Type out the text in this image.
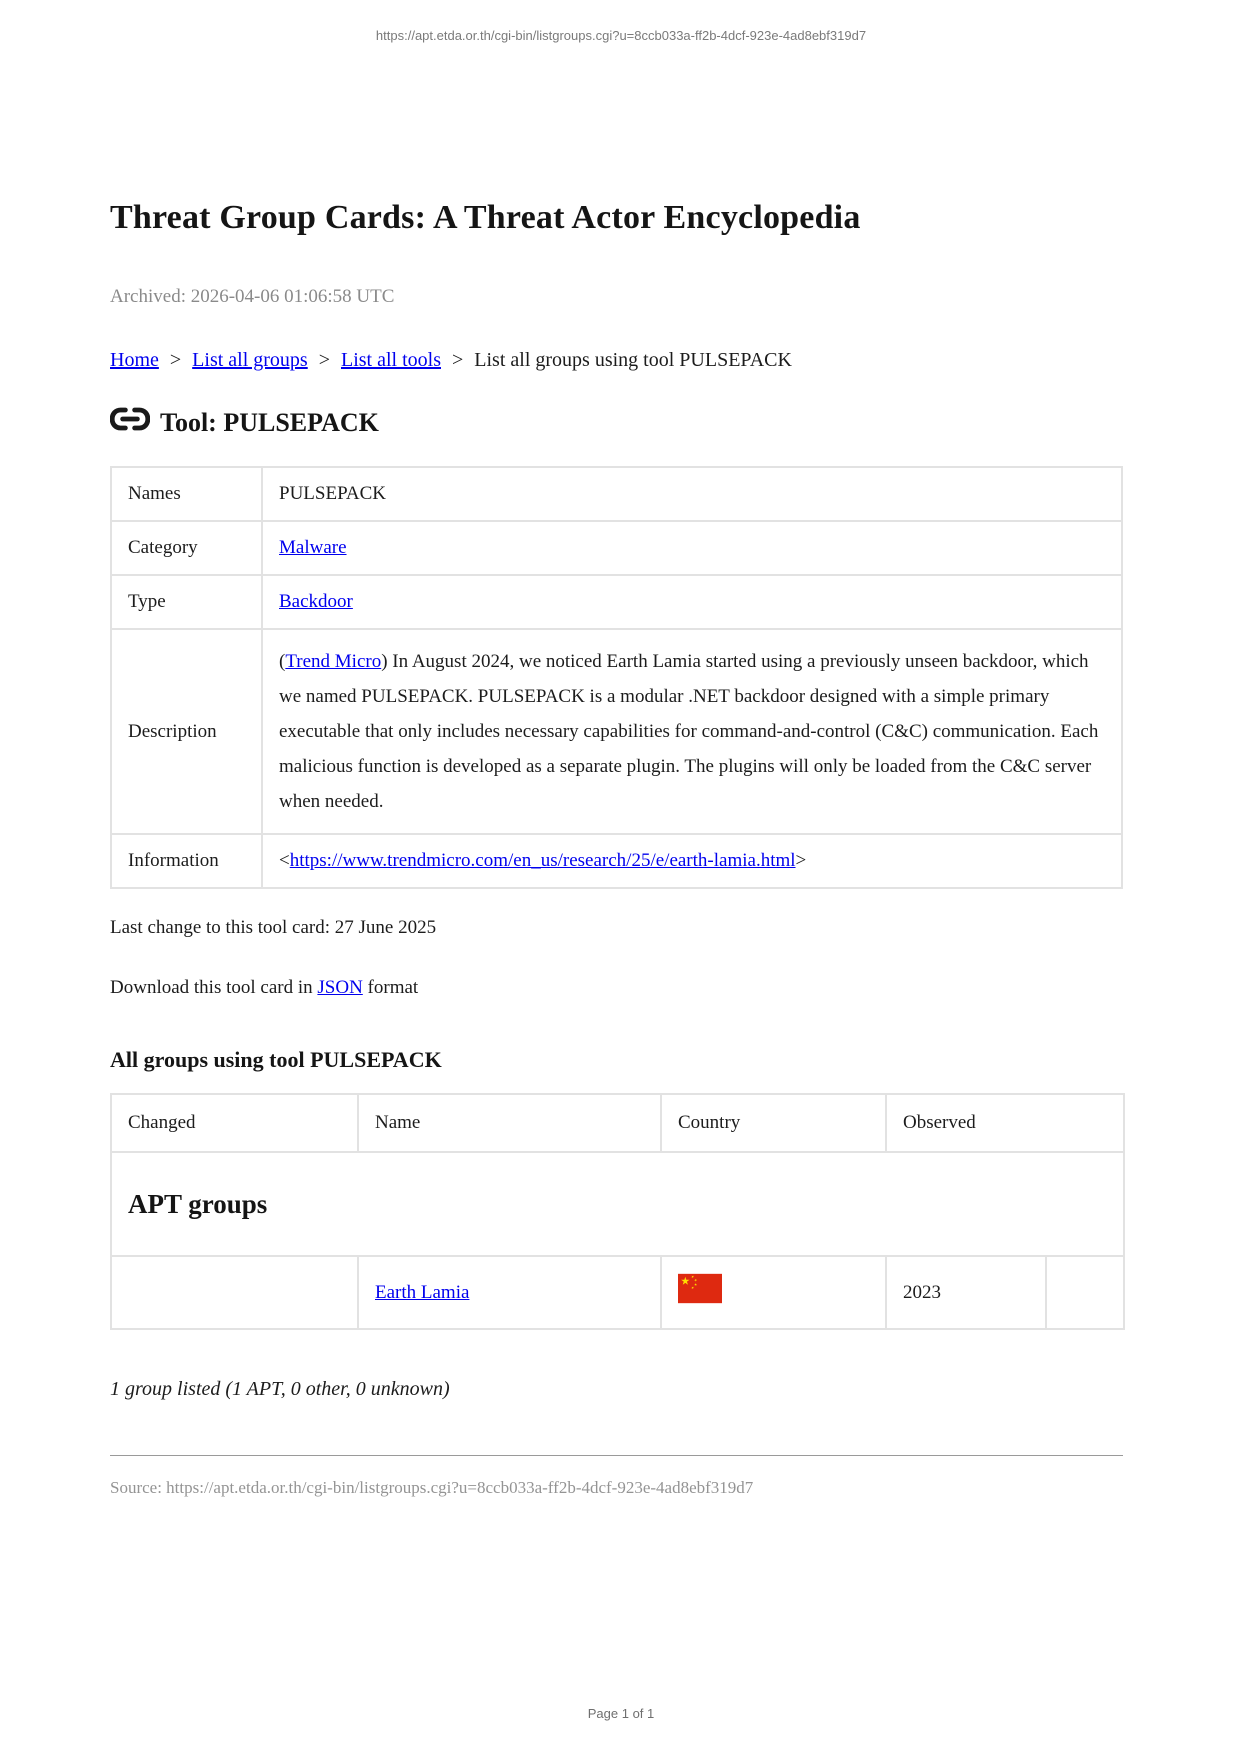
https://apt.etda.or.th/cgi-bin/listgroups.cgi?u=8ccb033a-ff2b-4dcf-923e-4ad8ebf319d7
Threat Group Cards: A Threat Actor Encyclopedia

Archived: 2026-04-06 01:06:58 UTC

Home > List all groups > List all tools > List all groups using tool PULSEPACK

Tool: PULSEPACK
Names	PULSEPACK
Category	Malware
Type	Backdoor
Description	(Trend Micro) In August 2024, we noticed Earth Lamia started using a previously unseen backdoor, which we named PULSEPACK. PULSEPACK is a modular .NET backdoor designed with a simple primary executable that only includes necessary capabilities for command-and-control (C&C) communication. Each malicious function is developed as a separate plugin. The plugins will only be loaded from the C&C server when needed.
Information	<https://www.trendmicro.com/en_us/research/25/e/earth-lamia.html>

Last change to this tool card: 27 June 2025

Download this tool card in JSON format

All groups using tool PULSEPACK
Changed	Name	Country	Observed	
APT groups				
	Earth Lamia		2023	

1 group listed (1 APT, 0 other, 0 unknown)

Source: https://apt.etda.or.th/cgi-bin/listgroups.cgi?u=8ccb033a-ff2b-4dcf-923e-4ad8ebf319d7

Page 1 of 1
